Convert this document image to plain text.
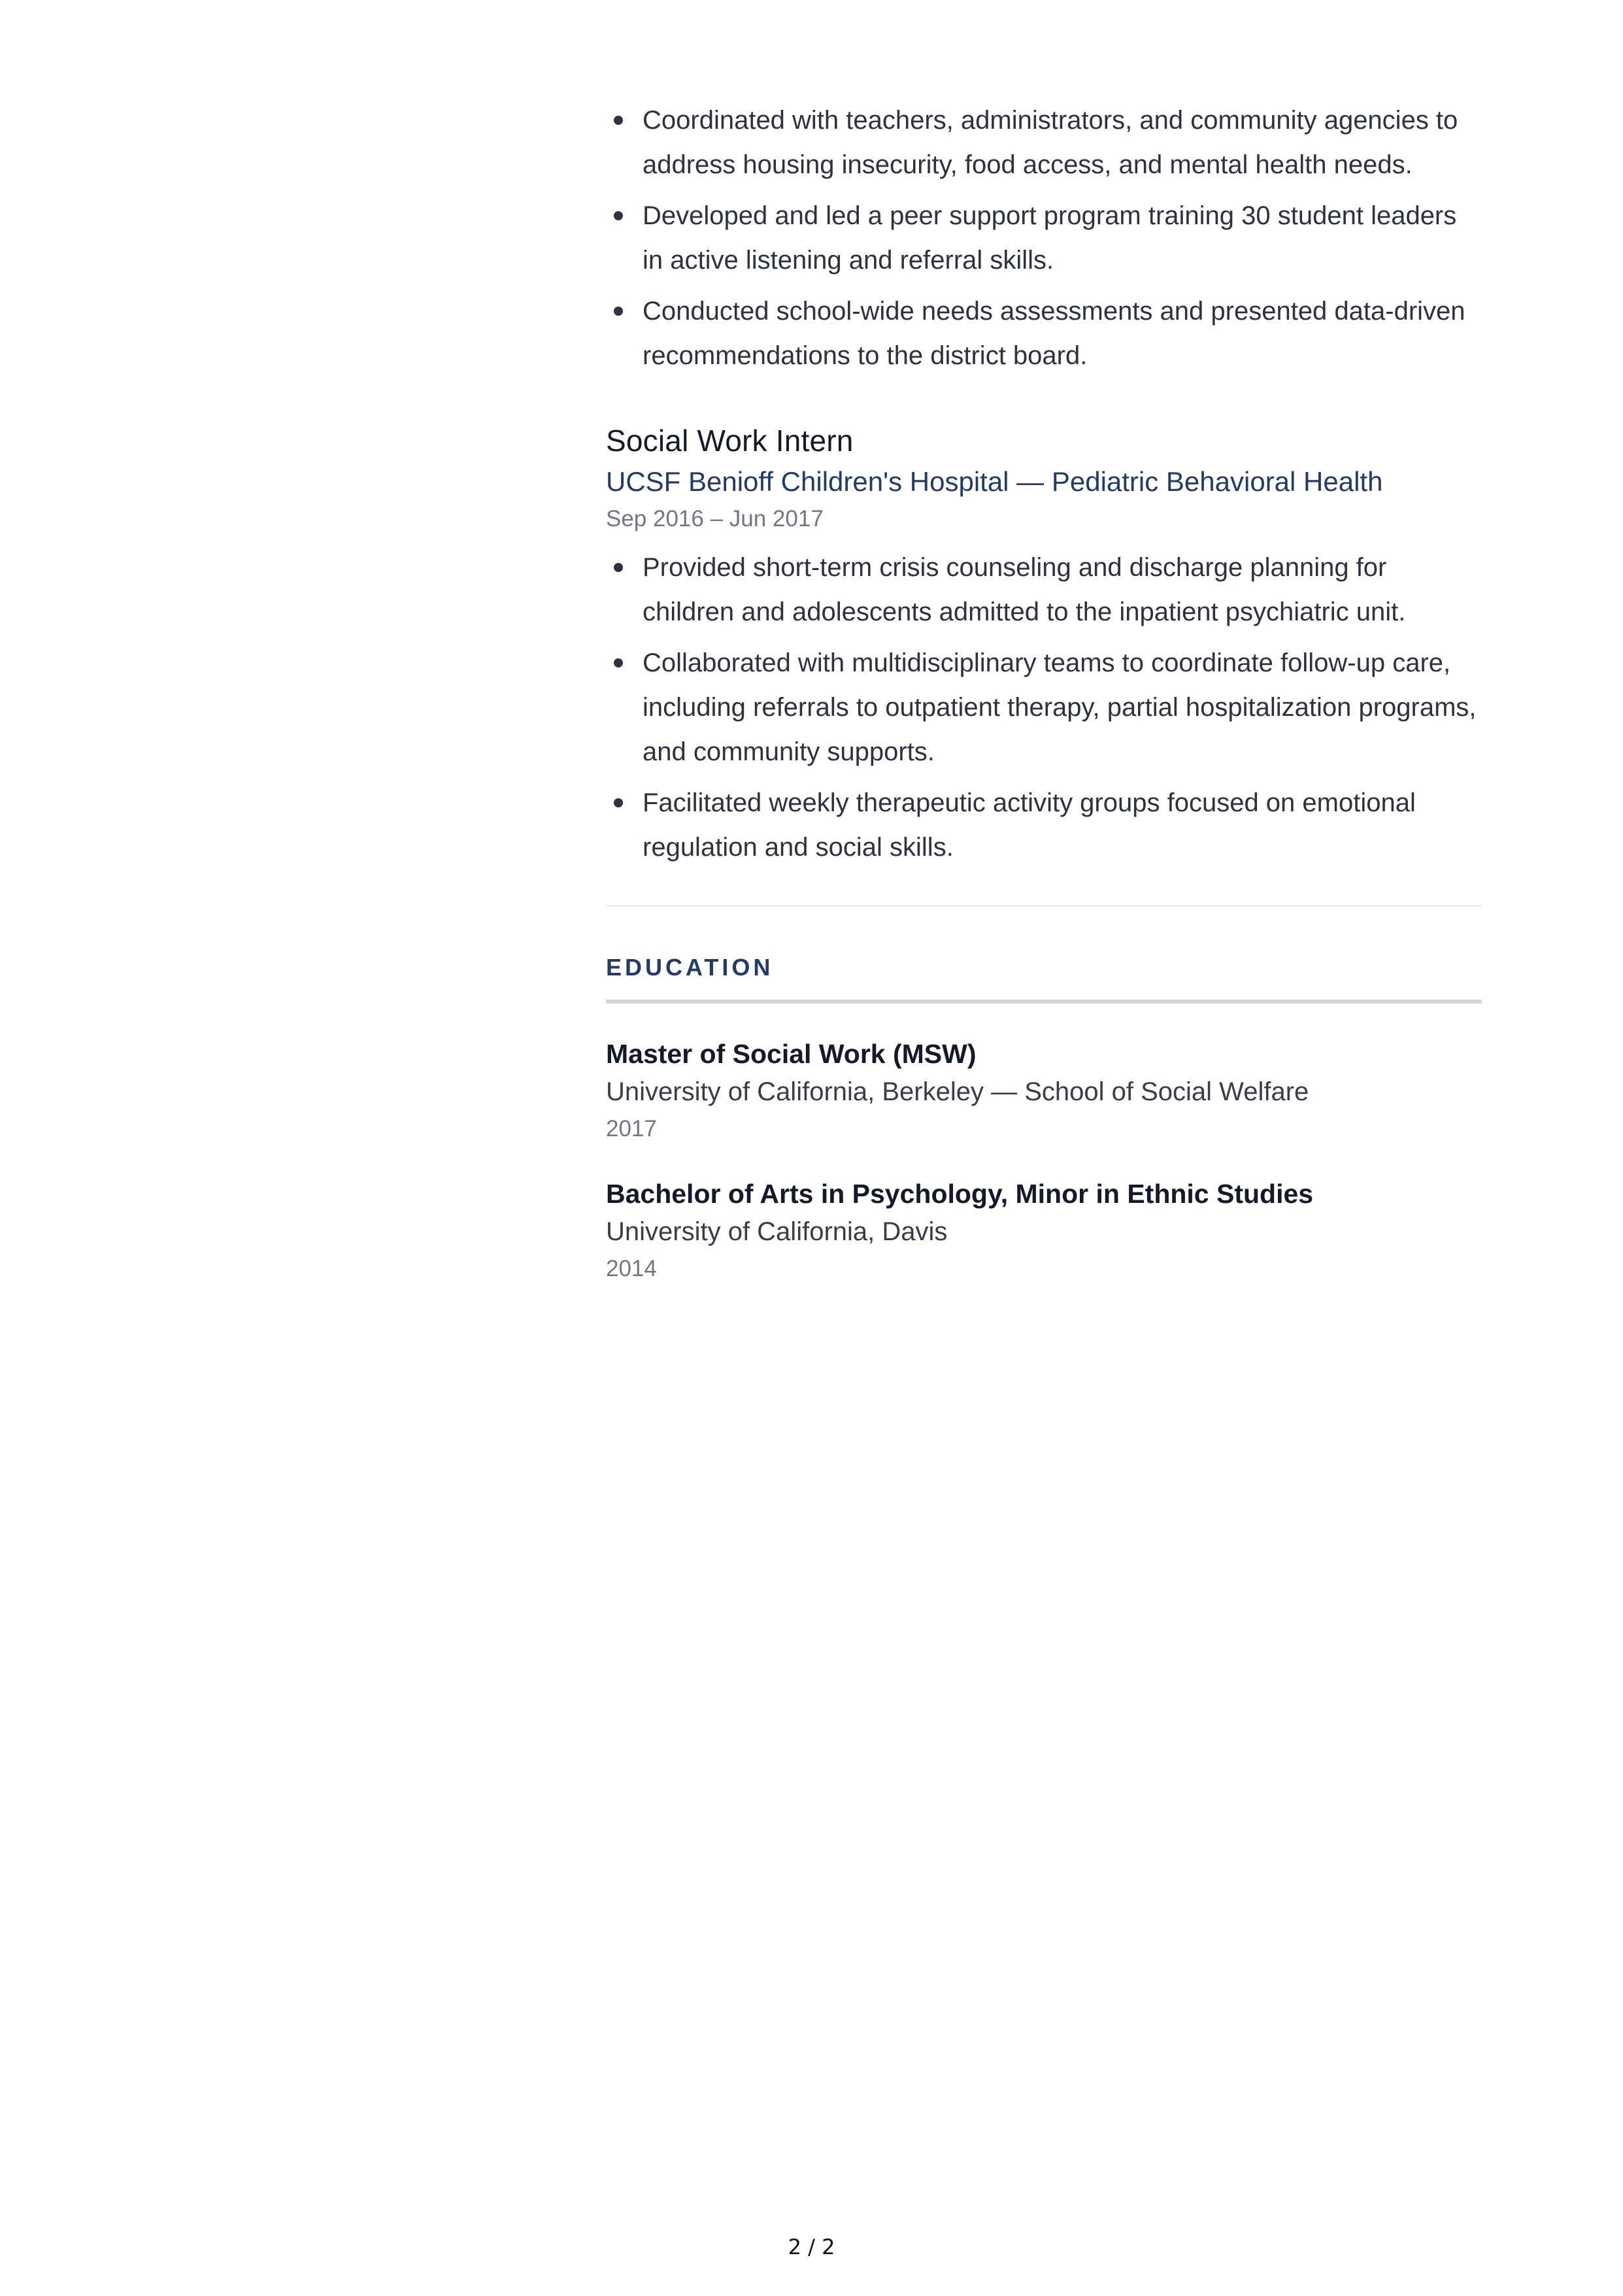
Coordinated with teachers, administrators, and community agencies to address housing insecurity, food access, and mental health needs.
Developed and led a peer support program training 30 student leaders in active listening and referral skills.
Conducted school-wide needs assessments and presented data-driven recommendations to the district board.
Social Work Intern
UCSF Benioff Children's Hospital — Pediatric Behavioral Health
Sep 2016 – Jun 2017
Provided short-term crisis counseling and discharge planning for children and adolescents admitted to the inpatient psychiatric unit.
Collaborated with multidisciplinary teams to coordinate follow-up care, including referrals to outpatient therapy, partial hospitalization programs, and community supports.
Facilitated weekly therapeutic activity groups focused on emotional regulation and social skills.
EDUCATION
Master of Social Work (MSW)
University of California, Berkeley — School of Social Welfare
2017
Bachelor of Arts in Psychology, Minor in Ethnic Studies
University of California, Davis
2014
2 / 2
